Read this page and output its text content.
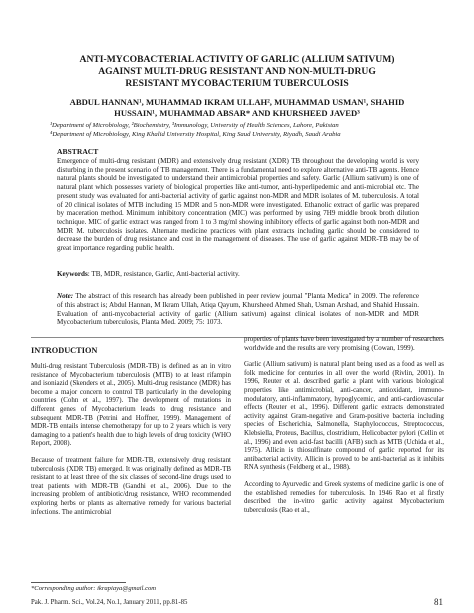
ANTI-MYCOBACTERIAL ACTIVITY OF GARLIC (ALLIUM SATIVUM)
AGAINST MULTI-DRUG RESISTANT AND NON-MULTI-DRUG
RESISTANT MYCOBACTERIUM TUBERCULOSIS
ABDUL HANNAN¹, MUHAMMAD IKRAM ULLAH², MUHAMMAD USMAN¹, SHAHID
HUSSAIN¹, MUHAMMAD ABSAR* AND KHURSHEED JAVED³
¹Department of Microbiology, ²Biochemistry, ³Immunology, University of Health Sciences, Lahore, Pakistan
⁴Department of Microbiology, King Khalid University Hospital, King Saud University, Riyadh, Saudi Arabia
ABSTRACT
Emergence of multi-drug resistant (MDR) and extensively drug resistant (XDR) TB throughout the developing world is very disturbing in the present scenario of TB management. There is a fundamental need to explore alternative anti-TB agents. Hence natural plants should be investigated to understand their antimicrobial properties and safety. Garlic (Allium sativum) is one of natural plant which possesses variety of biological properties like anti-tumor, anti-hyperlipedemic and anti-microbial etc. The present study was evaluated for anti-bacterial activity of garlic against non-MDR and MDR isolates of M. tuberculosis. A total of 20 clinical isolates of MTB including 15 MDR and 5 non-MDR were investigated. Ethanolic extract of garlic was prepared by maceration method. Minimum inhibitory concentration (MIC) was performed by using 7H9 middle brook broth dilution technique. MIC of garlic extract was ranged from 1 to 3 mg/ml showing inhibitory effects of garlic against both non-MDR and MDR M. tuberculosis isolates. Alternate medicine practices with plant extracts including garlic should be considered to decrease the burden of drug resistance and cost in the management of diseases. The use of garlic against MDR-TB may be of great importance regarding public health.
Keywords: TB, MDR, resistance, Garlic, Anti-bacterial activity.
Note: The abstract of this research has already been published in peer review journal "Planta Medica" in 2009. The reference of this abstract is; Abdul Hannan, M Ikram Ullah, Atiqa Qayum, Khursheed Ahmed Shah, Usman Arshad, and Shahid Hussain. Evaluation of anti-mycobacterial activity of garlic (Allium sativum) against clinical isolates of non-MDR and MDR Mycobacterium tuberculosis, Planta Med. 2009; 75: 1073.
INTRODUCTION

Multi-drug resistant Tuberculosis (MDR-TB) is defined as an in vitro resistance of Mycobacterium tuberculosis (MTB) to at least rifampin and isoniazid (Skenders et al., 2005). Multi-drug resistance (MDR) has become a major concern to control TB particularly in the developing countries (Cohn et al., 1997). The development of mutations in different genes of Mycobacterium leads to drug resistance and subsequent MDR-TB (Petrini and Hoffner, 1999). Management of MDR-TB entails intense chemotherapy for up to 2 years which is very damaging to a patient's health due to high levels of drug toxicity (WHO Report, 2008).

Because of treatment failure for MDR-TB, extensively drug resistant tuberculosis (XDR TB) emerged. It was originally defined as MDR-TB resistant to at least three of the six classes of second-line drugs used to treat patients with MDR-TB (Gandhi et al., 2006). Due to the increasing problem of antibiotic/drug resistance, WHO recommended exploring herbs or plants as alternative remedy for various bacterial infections. The antimicrobial

properties of plants have been investigated by a number of researchers worldwide and the results are very promising (Cowan, 1999).

Garlic (Allium sativum) is natural plant being used as a food as well as folk medicine for centuries in all over the world (Rivlin, 2001). In 1996, Reuter et al. described garlic a plant with various biological properties like antimicrobial, anti-cancer, antioxidant, immuno-modulatory, anti-inflammatory, hypoglycemic, and anti-cardiovascular effects (Reuter et al., 1996). Different garlic extracts demonstrated activity against Gram-negative and Gram-positive bacteria including species of Escherichia, Salmonella, Staphylococcus, Streptococcus, Klebsiella, Proteus, Bacillus, clostridium, Helicobacter pylori (Cellin et al., 1996) and even acid-fast bacilli (AFB) such as MTB (Uchida et al., 1975). Allicin is thiosulfinate compound of garlic reported for its antibacterial activity. Allicin is proved to be anti-bacterial as it inhibits RNA synthesis (Feldberg et al., 1988).

According to Ayurvedic and Greek systems of medicine garlic is one of the established remedies for tuberculosis. In 1946 Rao et al firstly described the in-vitro garlic activity against Mycobacterium tuberculosis (Rao et al.,

*Corresponding author: ikrapiaya@gmail.com
Pak. J. Pharm. Sci., Vol.24, No.1, January 2011, pp.81-85	81
